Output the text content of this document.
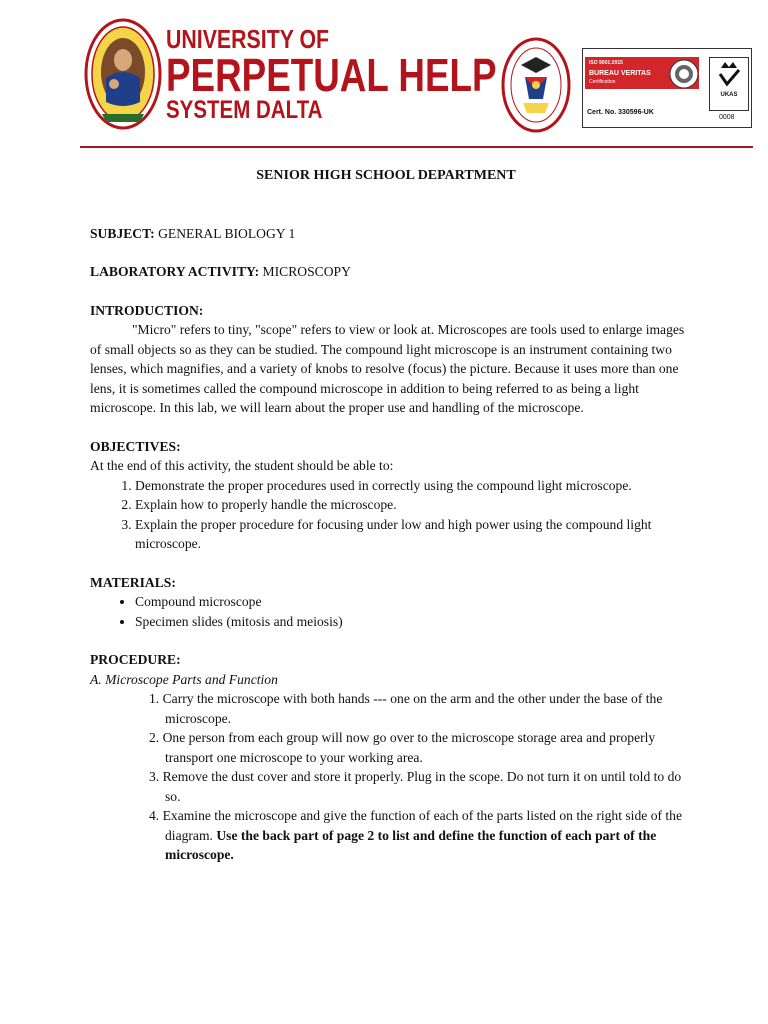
UNIVERSITY OF
PERPETUAL HELP
SYSTEM DALTA
ISO 9001:2015
BUREAU VERITAS
Certification
Cert. No. 330596-UK
UKAS
0008
SENIOR HIGH SCHOOL DEPARTMENT
SUBJECT: GENERAL BIOLOGY 1
LABORATORY ACTIVITY: MICROSCOPY
INTRODUCTION:

"Micro" refers to tiny, "scope" refers to view or look at. Microscopes are tools used to enlarge images of small objects so as they can be studied. The compound light microscope is an instrument containing two lenses, which magnifies, and a variety of knobs to resolve (focus) the picture. Because it uses more than one lens, it is sometimes called the compound microscope in addition to being referred to as being a light microscope. In this lab, we will learn about the proper use and handling of the microscope.

OBJECTIVES:

At the end of this activity, the student should be able to:

1. Demonstrate the proper procedures used in correctly using the compound light microscope.
2. Explain how to properly handle the microscope.
3. Explain the proper procedure for focusing under low and high power using the compound light microscope.
MATERIALS:
• Compound microscope
• Specimen slides (mitosis and meiosis)
PROCEDURE:
A. Microscope Parts and Function
1. Carry the microscope with both hands --- one on the arm and the other under the base of the microscope.
2. One person from each group will now go over to the microscope storage area and properly transport one microscope to your working area.
3. Remove the dust cover and store it properly. Plug in the scope. Do not turn it on until told to do so.
4. Examine the microscope and give the function of each of the parts listed on the right side of the diagram. Use the back part of page 2 to list and define the function of each part of the microscope.
